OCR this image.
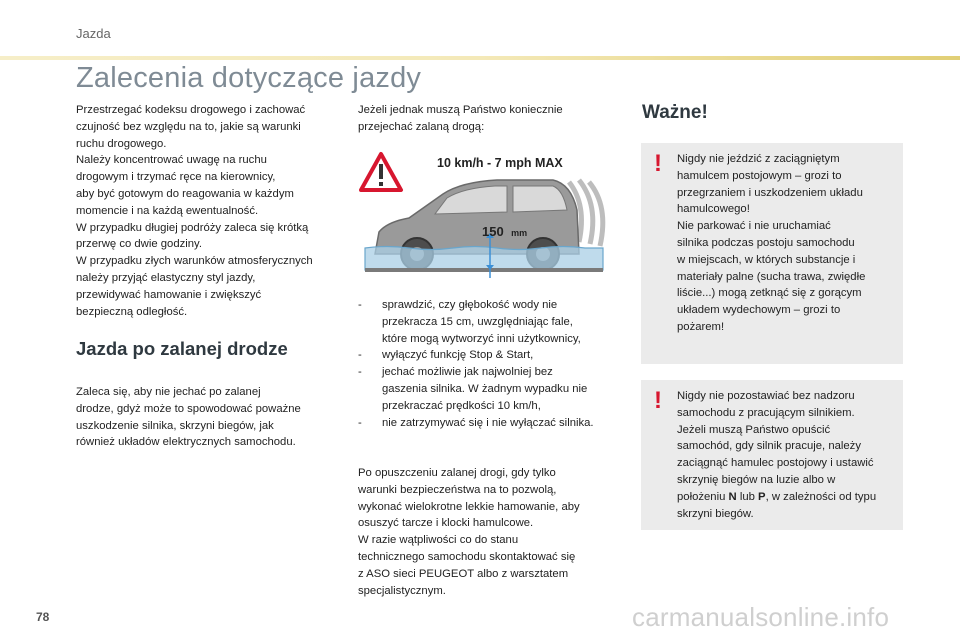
Jazda
Zalecenia dotyczące jazdy

Przestrzegać kodeksu drogowego i zachować

czujność bez względu na to, jakie są warunki

ruchu drogowego.

Należy koncentrować uwagę na ruchu

drogowym i trzymać ręce na kierownicy,

aby być gotowym do reagowania w każdym

momencie i na każdą ewentualność.

W przypadku długiej podróży zaleca się krótką

przerwę co dwie godziny.

W przypadku złych warunków atmosferycznych

należy przyjąć elastyczny styl jazdy,

przewidywać hamowanie i zwiększyć

bezpieczną odległość.

Jazda po zalanej drodze

Zaleca się, aby nie jechać po zalanej

drodze, gdyż może to spowodować poważne

uszkodzenie silnika, skrzyni biegów, jak

również układów elektrycznych samochodu.

Jeżeli jednak muszą Państwo koniecznie

przejechać zalaną drogą:

10 km/h - 7 mph MAX
150 mm
- sprawdzić, czy głębokość wody nie

przekracza 15 cm, uwzględniając fale,

które mogą wytworzyć inni użytkownicy,

- wyłączyć funkcję Stop & Start,

- jechać możliwie jak najwolniej bez

gaszenia silnika. W żadnym wypadku nie

przekraczać prędkości 10 km/h,

- nie zatrzymywać się i nie wyłączać silnika.

Po opuszczeniu zalanej drogi, gdy tylko

warunki bezpieczeństwa na to pozwolą,

wykonać wielokrotne lekkie hamowanie, aby

osuszyć tarcze i klocki hamulcowe.

W razie wątpliwości co do stanu

technicznego samochodu skontaktować się

z ASO sieci PEUGEOT albo z warsztatem

specjalistycznym.

Ważne!
! Nigdy nie jeździć z zaciągniętym

hamulcem postojowym – grozi to

przegrzaniem i uszkodzeniem układu

hamulcowego!

Nie parkować i nie uruchamiać

silnika podczas postoju samochodu

w miejscach, w których substancje i

materiały palne (sucha trawa, zwiędłe

liście...) mogą zetknąć się z gorącym

układem wydechowym – grozi to

pożarem!

! Nigdy nie pozostawiać bez nadzoru

samochodu z pracującym silnikiem.

Jeżeli muszą Państwo opuścić

samochód, gdy silnik pracuje, należy

zaciągnąć hamulec postojowy i ustawić

skrzynię biegów na luzie albo w

położeniu N lub P, w zależności od typu

skrzyni biegów.

78	carmanualsonline.info
